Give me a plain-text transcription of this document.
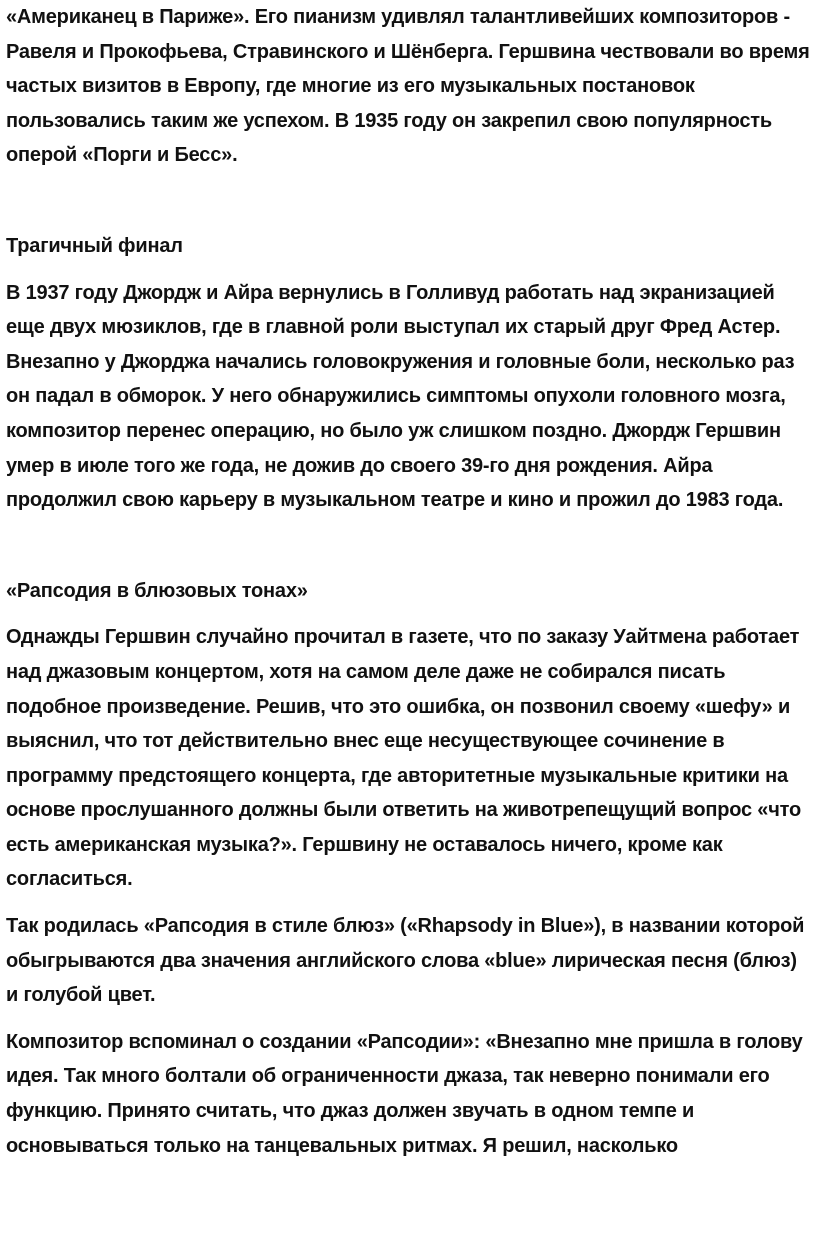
«Американец в Париже». Его пианизм удивлял талантливейших композиторов - Равеля и Прокофьева, Стравинского и Шёнберга. Гершвина чествовали во время частых визитов в Европу, где многие из его музыкальных постановок пользовались таким же успехом. В 1935 году он закрепил свою популярность оперой «Порги и Бесс».

Трагичный финал

В 1937 году Джордж и Айра вернулись в Голливуд работать над экранизацией еще двух мюзиклов, где в главной роли выступал их старый друг Фред Астер. Внезапно у Джорджа начались головокружения и головные боли, несколько раз он падал в обморок. У него обнаружились симптомы опухоли головного мозга, композитор перенес операцию, но было уж слишком поздно. Джордж Гершвин умер в июле того же года, не дожив до своего 39-го дня рождения. Айра продолжил свою карьеру в музыкальном театре и кино и прожил до 1983 года.

«Рапсодия в блюзовых тонах»

Однажды Гершвин случайно прочитал в газете, что по заказу Уайтмена работает над джазовым концертом, хотя на самом деле даже не собирался писать подобное произведение. Решив, что это ошибка, он позвонил своему «шефу» и выяснил, что тот действительно внес еще несуществующее сочинение в программу предстоящего концерта, где авторитетные музыкальные критики на основе прослушанного должны были ответить на животрепещущий вопрос «что есть американская музыка?». Гершвину не оставалось ничего, кроме как согласиться.

Так родилась «Рапсодия в стиле блюз» («Rhapsody in Blue»), в названии которой обыгрываются два значения английского слова «blue» лирическая песня (блюз) и голубой цвет.

Композитор вспоминал о создании «Рапсодии»: «Внезапно мне пришла в голову идея. Так много болтали об ограниченности джаза, так неверно понимали его функцию. Принято считать, что джаз должен звучать в одном темпе и основываться только на танцевальных ритмах. Я решил, насколько
